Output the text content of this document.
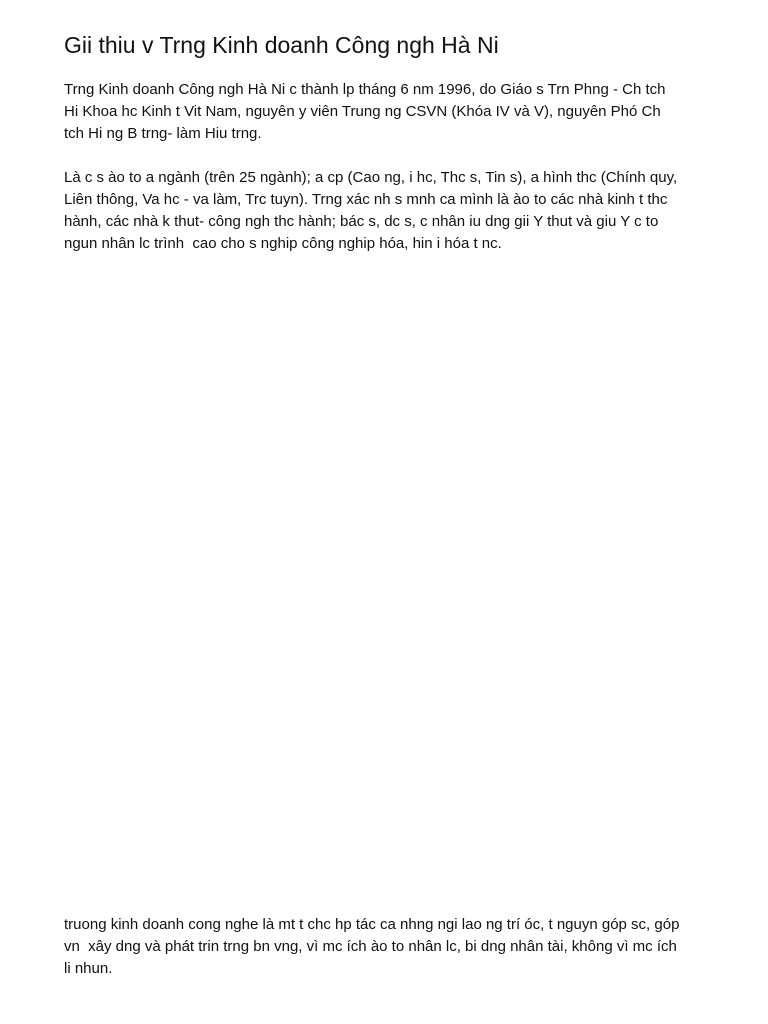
Gii thiu v Trng Kinh doanh Công ngh Hà Ni

Trng Kinh doanh Công ngh Hà Ni c thành lp tháng 6 nm 1996, do Giáo s Trn Phng - Ch tch
Hi Khoa hc Kinh t Vit Nam, nguyên y viên Trung ng CSVN (Khóa IV và V), nguyên Phó Ch
tch Hi ng B trng- làm Hiu trng.

Là c s ào to a ngành (trên 25 ngành); a cp (Cao ng, i hc, Thc s, Tin s), a hình thc (Chính quy,
Liên thông, Va hc - va làm, Trc tuyn). Trng xác nh s mnh ca mình là ào to các nhà kinh t thc
hành, các nhà k thut- công ngh thc hành; bác s, dc s, c nhân iu dng gii Y thut và giu Y c to
ngun nhân lc trình  cao cho s nghip công nghip hóa, hin i hóa t nc.

truong kinh doanh cong nghe là mt t chc hp tác ca nhng ngi lao ng trí óc, t nguyn góp sc, góp
vn  xây dng và phát trin trng bn vng, vì mc ích ào to nhân lc, bi dng nhân tài, không vì mc ích
li nhun.
